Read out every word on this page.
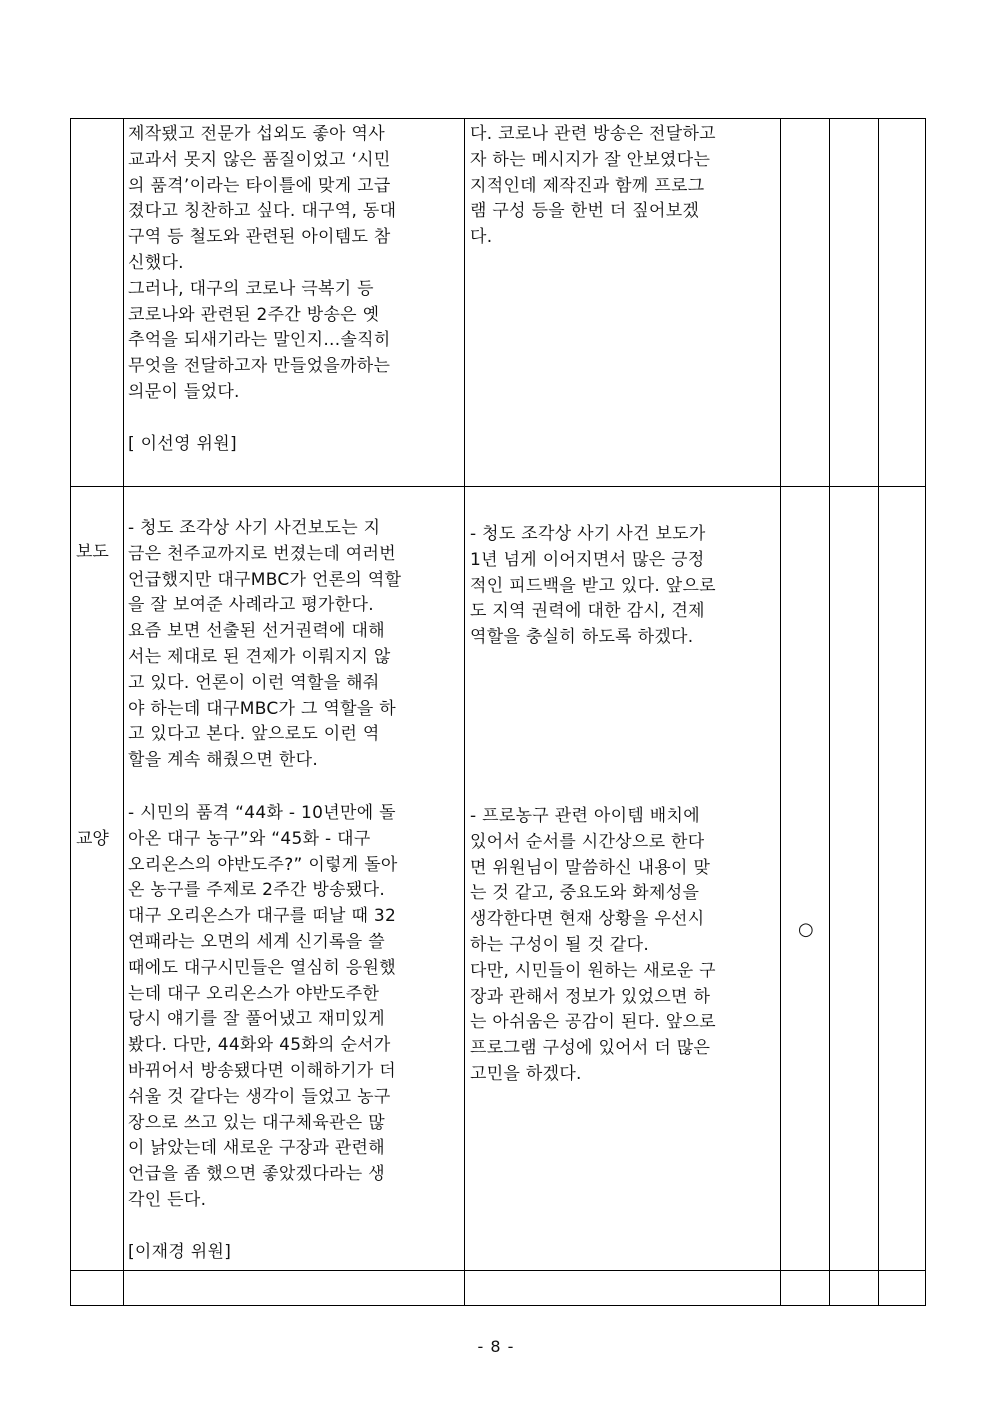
제작됐고 전문가 섭외도 좋아 역사
교과서 못지 않은 품질이었고 ‘시민
의 품격’이라는 타이틀에 맞게 고급
졌다고 칭찬하고 싶다. 대구역, 동대
구역 등 철도와 관련된 아이템도 참
신했다.
그러나, 대구의 코로나 극복기 등
코로나와 관련된 2주간 방송은 옛
추억을 되새기라는 말인지...솔직히
무엇을 전달하고자 만들었을까하는
의문이 들었다.

[ 이선영 위원]
다. 코로나 관련 방송은 전달하고
자 하는 메시지가 잘 안보였다는
지적인데 제작진과 함께 프로그
램 구성 등을 한번 더 짚어보겠
다.
보도
교양
- 청도 조각상 사기 사건보도는 지
금은 천주교까지로 번졌는데 여러번
언급했지만 대구MBC가 언론의 역할
을 잘 보여준 사례라고 평가한다.
요즘 보면 선출된 선거권력에 대해
서는 제대로 된 견제가 이뤄지지 않
고 있다. 언론이 이런 역할을 해줘
야 하는데 대구MBC가 그 역할을 하
고 있다고 본다. 앞으로도 이런 역
할을 계속 해줬으면 한다.
- 시민의 품격 “44화 - 10년만에 돌
아온 대구 농구”와 “45화 - 대구
오리온스의 야반도주?” 이렇게 돌아
온 농구를 주제로 2주간 방송됐다.
대구 오리온스가 대구를 떠날 때 32
연패라는 오면의 세계 신기록을 쓸
때에도 대구시민들은 열심히 응원했
는데 대구 오리온스가 야반도주한
당시 얘기를 잘 풀어냈고 재미있게
봤다. 다만, 44화와 45화의 순서가
바뀌어서 방송됐다면 이해하기가 더
쉬울 것 같다는 생각이 들었고 농구
장으로 쓰고 있는 대구체육관은 많
이 낡았는데 새로운 구장과 관련해
언급을 좀 했으면 좋았겠다라는 생
각인 든다.

[이재경 위원]
- 청도 조각상 사기 사건 보도가
1년 넘게 이어지면서 많은 긍정
적인 피드백을 받고 있다. 앞으로
도 지역 권력에 대한 감시, 견제
역할을 충실히 하도록 하겠다.
- 프로농구 관련 아이템 배치에
있어서 순서를 시간상으로 한다
면 위원님이 말씀하신 내용이 맞
는 것 같고, 중요도와 화제성을
생각한다면 현재 상황을 우선시
하는 구성이 될 것 같다.
다만, 시민들이 원하는 새로운 구
장과 관해서 정보가 있었으면 하
는 아쉬움은 공감이 된다. 앞으로
프로그램 구성에 있어서 더 많은
고민을 하겠다.
○
- 8 -
